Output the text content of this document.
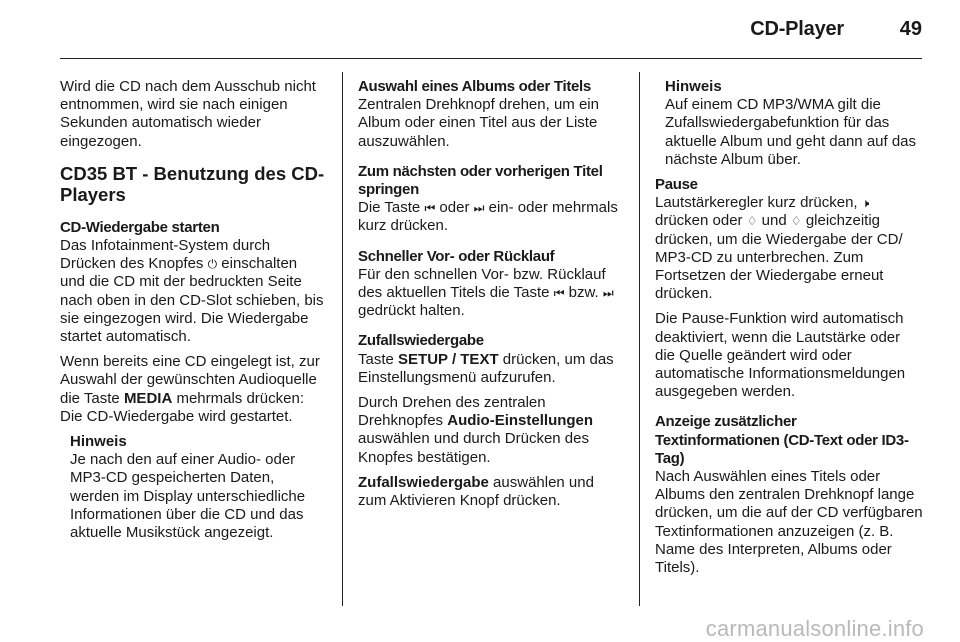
CD-Player	49

Wird die CD nach dem Ausschub nicht entnommen, wird sie nach einigen Sekunden automatisch wieder eingezogen.

CD35 BT - Benutzung des CD-Players

CD-Wiedergabe starten
Das Infotainment-System durch Drücken des Knopfes ⏻ einschalten und die CD mit der bedruckten Seite nach oben in den CD-Slot schieben, bis sie eingezogen wird. Die Wiedergabe startet automatisch.

Wenn bereits eine CD eingelegt ist, zur Auswahl der gewünschten Audioquelle die Taste MEDIA mehrmals drücken: Die CD-Wiedergabe wird gestartet.

Hinweis
Je nach den auf einer Audio- oder MP3-CD gespeicherten Daten, werden im Display unterschiedliche Informationen über die CD und das aktuelle Musikstück angezeigt.

Auswahl eines Albums oder Titels
Zentralen Drehknopf drehen, um ein Album oder einen Titel aus der Liste auszuwählen.

Zum nächsten oder vorherigen Titel springen
Die Taste ⏮ oder ⏭ ein- oder mehrmals kurz drücken.

Schneller Vor- oder Rücklauf
Für den schnellen Vor- bzw. Rücklauf des aktuellen Titels die Taste ⏮ bzw. ⏭ gedrückt halten.

Zufallswiedergabe
Taste SETUP / TEXT drücken, um das Einstellungsmenü aufzurufen.

Durch Drehen des zentralen Drehknopfes Audio-Einstellungen auswählen und durch Drücken des Knopfes bestätigen.

Zufallswiedergabe auswählen und zum Aktivieren Knopf drücken.

Hinweis
Auf einem CD MP3/WMA gilt die Zufallswiedergabefunktion für das aktuelle Album und geht dann auf das nächste Album über.

Pause
Lautstärkeregler kurz drücken, 🕨 drücken oder ♢ und ♢ gleichzeitig drücken, um die Wiedergabe der CD/ MP3-CD zu unterbrechen. Zum Fortsetzen der Wiedergabe erneut drücken.

Die Pause-Funktion wird automatisch deaktiviert, wenn die Lautstärke oder die Quelle geändert wird oder automatische Informationsmeldungen ausgegeben werden.

Anzeige zusätzlicher Textinformationen (CD-Text oder ID3-Tag)
Nach Auswählen eines Titels oder Albums den zentralen Drehknopf lange drücken, um die auf der CD verfügbaren Textinformationen anzuzeigen (z. B. Name des Interpreten, Albums oder Titels).

carmanualsonline.info
